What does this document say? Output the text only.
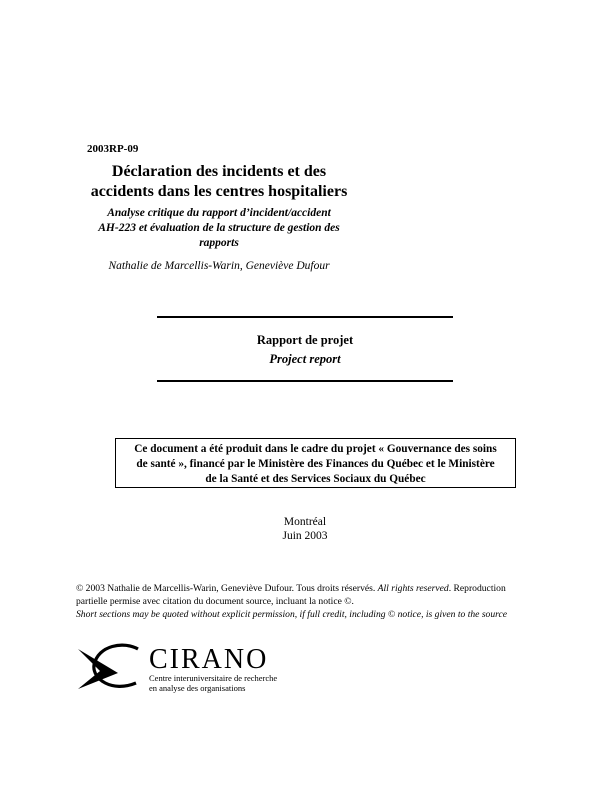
2003RP-09
Déclaration des incidents et des
accidents dans les centres hospitaliers
Analyse critique du rapport d’incident/accident
AH-223 et évaluation de la structure de gestion des
rapports
Nathalie de Marcellis-Warin, Geneviève Dufour
Rapport de projet
Project report
Ce document a été produit dans le cadre du projet « Gouvernance des soins
de santé », financé par le Ministère des Finances du Québec et le Ministère
de la Santé et des Services Sociaux du Québec
Montréal
Juin 2003
© 2003 Nathalie de Marcellis-Warin, Geneviève Dufour. Tous droits réservés. All rights reserved. Reproduction
partielle permise avec citation du document source, incluant la notice ©.
Short sections may be quoted without explicit permission, if full credit, including © notice, is given to the source
CIRANO
Centre interuniversitaire de recherche
en analyse des organisations
